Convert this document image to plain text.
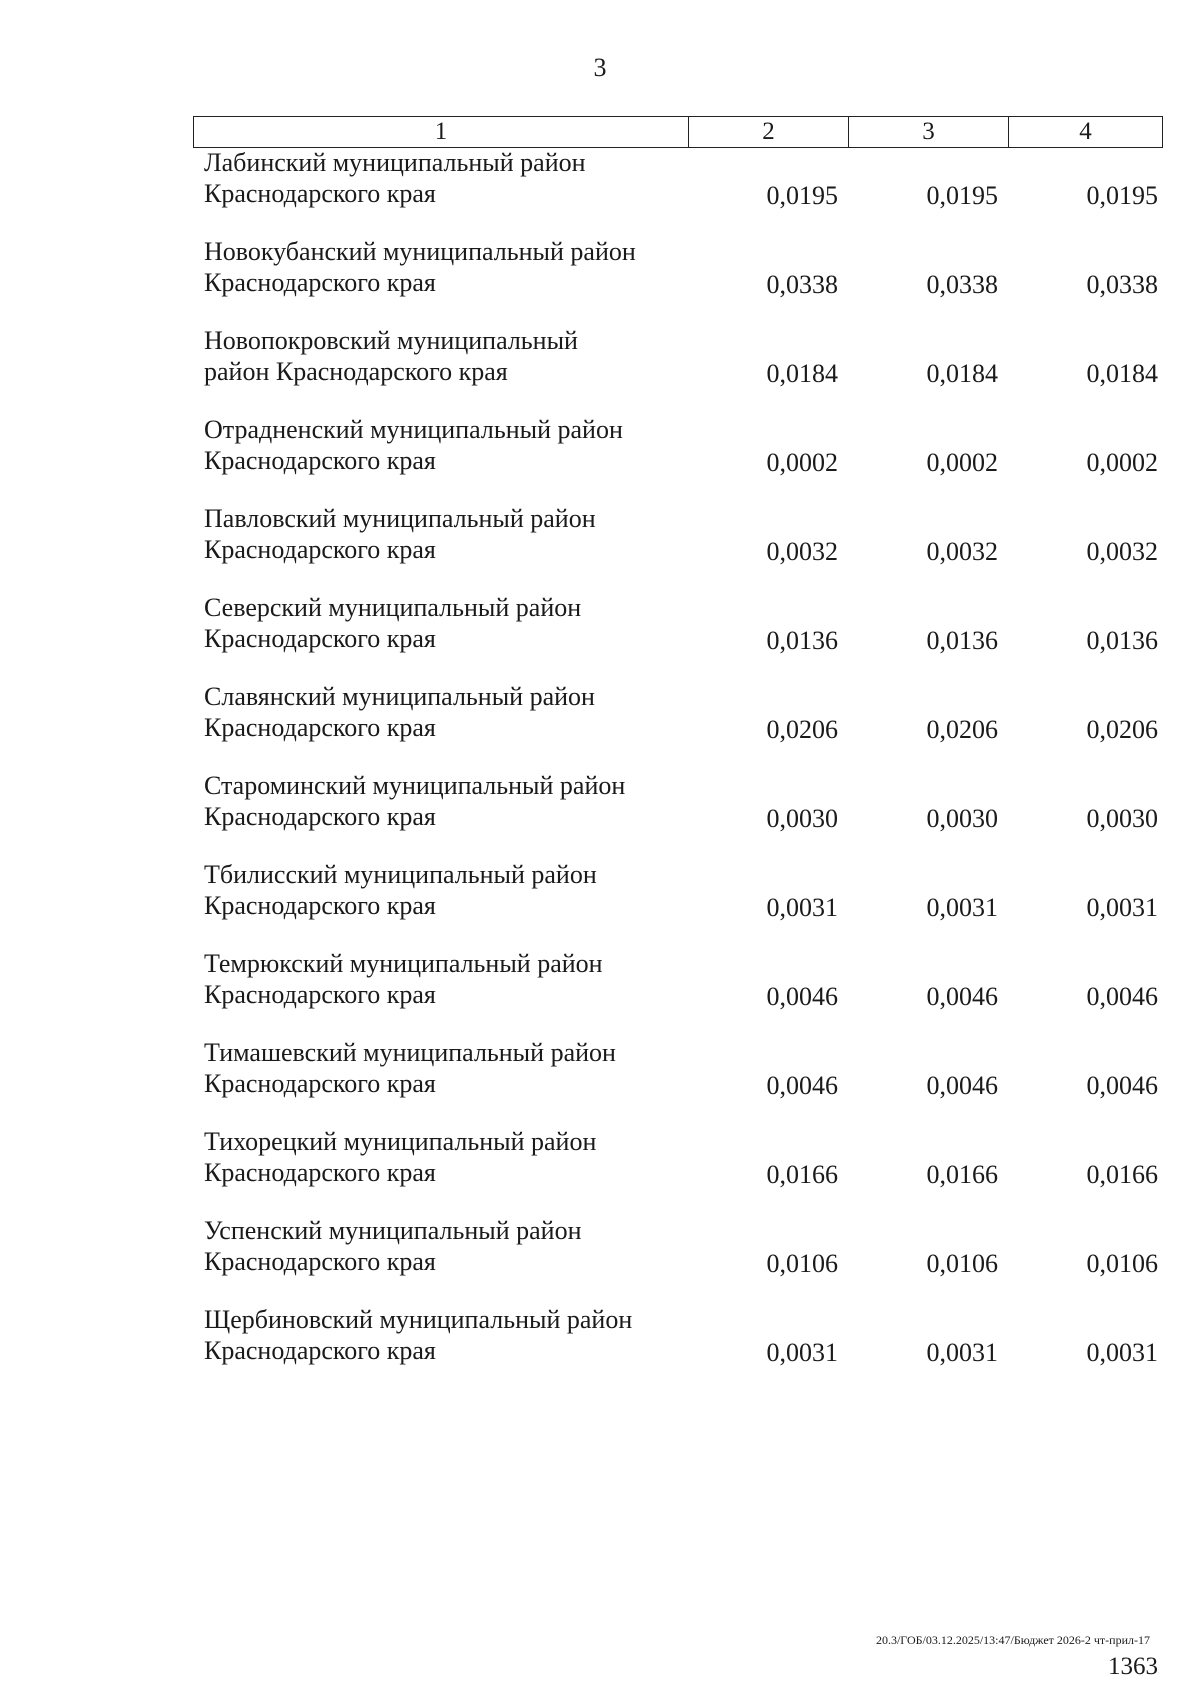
3
1	2	3	4
Лабинский муниципальный район
Краснодарского края	0,0195	0,0195	0,0195
Новокубанский муниципальный район
Краснодарского края	0,0338	0,0338	0,0338
Новопокровский муниципальный
район Краснодарского края	0,0184	0,0184	0,0184
Отрадненский муниципальный район
Краснодарского края	0,0002	0,0002	0,0002
Павловский муниципальный район
Краснодарского края	0,0032	0,0032	0,0032
Северский муниципальный район
Краснодарского края	0,0136	0,0136	0,0136
Славянский муниципальный район
Краснодарского края	0,0206	0,0206	0,0206
Староминский муниципальный район
Краснодарского края	0,0030	0,0030	0,0030
Тбилисский муниципальный район
Краснодарского края	0,0031	0,0031	0,0031
Темрюкский муниципальный район
Краснодарского края	0,0046	0,0046	0,0046
Тимашевский муниципальный район
Краснодарского края	0,0046	0,0046	0,0046
Тихорецкий муниципальный район
Краснодарского края	0,0166	0,0166	0,0166
Успенский муниципальный район
Краснодарского края	0,0106	0,0106	0,0106
Щербиновский муниципальный район
Краснодарского края	0,0031	0,0031	0,0031
20.3/ГОБ/03.12.2025/13:47/Бюджет 2026-2 чт-прил-17
1363
